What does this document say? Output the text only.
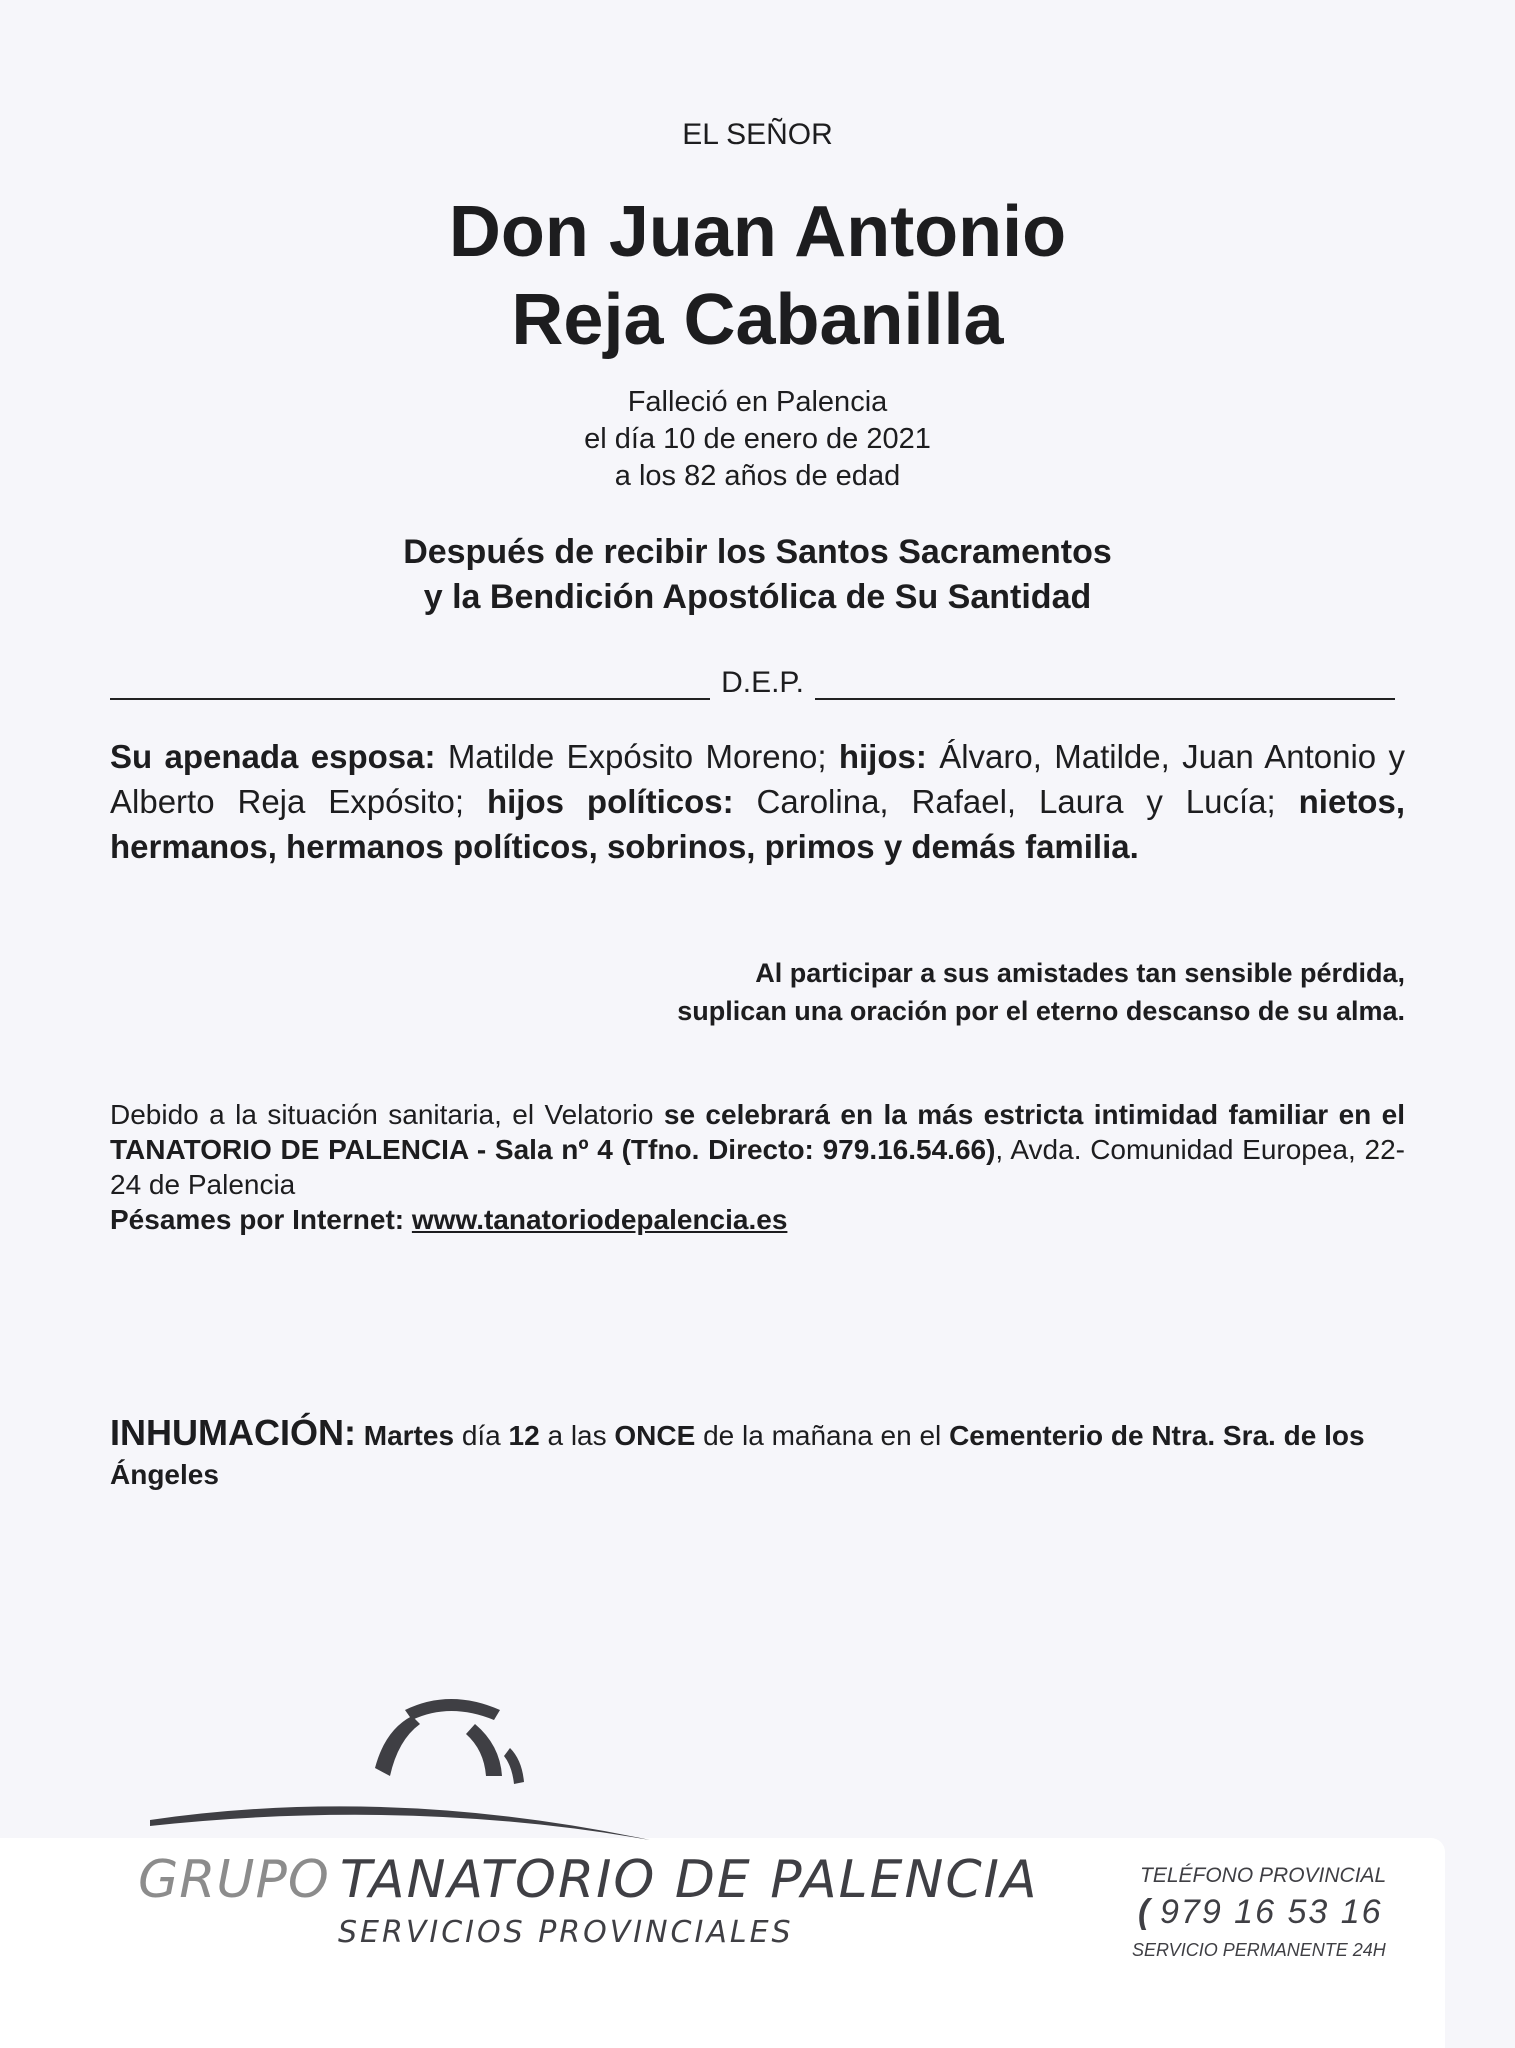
EL SEÑOR
Don Juan Antonio
Reja Cabanilla
Falleció en Palencia
el día 10 de enero de 2021
a los 82 años de edad
Después de recibir los Santos Sacramentos
y la Bendición Apostólica de Su Santidad
D.E.P.
Su apenada esposa: Matilde Expósito Moreno; hijos: Álvaro, Matilde, Juan Antonio y Alberto Reja Expósito; hijos políticos: Carolina, Rafael, Laura y Lucía; nietos, hermanos, hermanos políticos, sobrinos, primos y demás familia.
Al participar a sus amistades tan sensible pérdida,
suplican una oración por el eterno descanso de su alma.
Debido a la situación sanitaria, el Velatorio se celebrará en la más estricta intimidad familiar en el TANATORIO DE PALENCIA - Sala nº 4 (Tfno. Directo: 979.16.54.66), Avda. Comunidad Europea, 22-24 de Palencia
Pésames por Internet: www.tanatoriodepalencia.es
INHUMACIÓN: Martes día 12 a las ONCE de la mañana en el Cementerio de Ntra. Sra. de los Ángeles
GRUPO TANATORIO DE PALENCIA
SERVICIOS PROVINCIALES
TELÉFONO PROVINCIAL
( 979 16 53 16
SERVICIO PERMANENTE 24H
